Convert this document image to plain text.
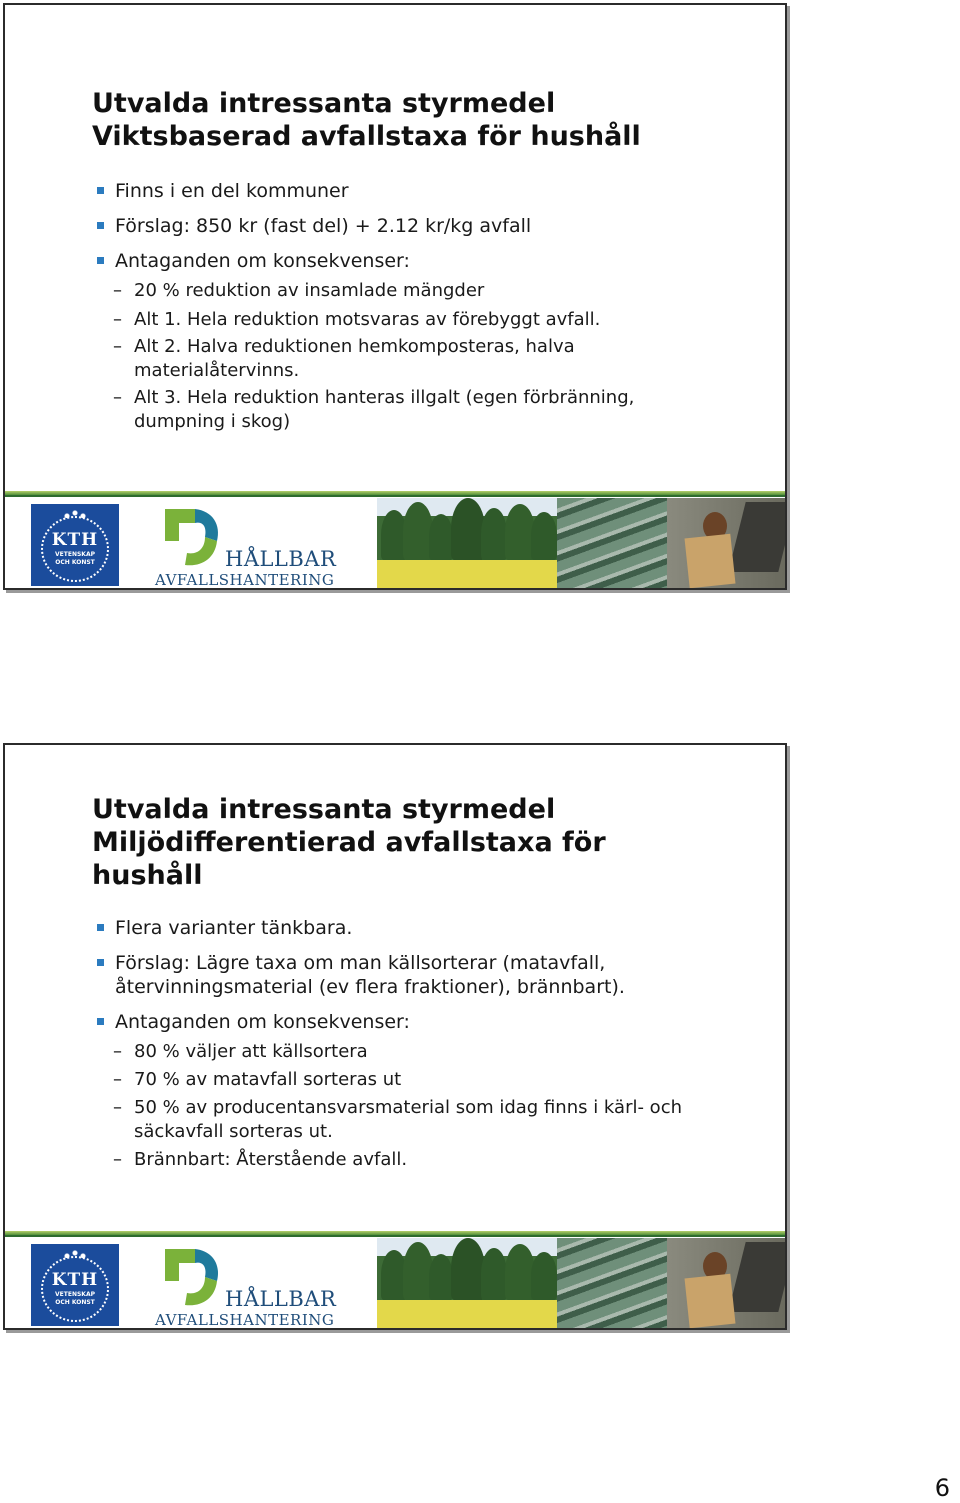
Utvalda intressanta styrmedel
Viktsbaserad avfallstaxa för hushåll
Finns i en del kommuner
Förslag: 850 kr (fast del) + 2.12 kr/kg avfall
Antaganden om konsekvenser:
– 20 % reduktion av insamlade mängder
– Alt 1. Hela reduktion motsvaras av förebyggt avfall.
– Alt 2. Halva reduktionen hemkomposteras, halva materialåtervinns.
– Alt 3. Hela reduktion hanteras illgalt (egen förbränning, dumpning i skog)
KTH
VETENSKAP
OCH KONST	HÅLLBAR
AVFALLSHANTERING
Utvalda intressanta styrmedel
Miljödifferentierad avfallstaxa för
hushåll
Flera varianter tänkbara.
Förslag: Lägre taxa om man källsorterar (matavfall, återvinningsmaterial (ev flera fraktioner), brännbart).
Antaganden om konsekvenser:
– 80 % väljer att källsortera
– 70 % av matavfall sorteras ut
– 50 % av producentansvarsmaterial som idag finns i kärl- och säckavfall sorteras ut.
– Brännbart: Återstående avfall.
KTH
VETENSKAP
OCH KONST	HÅLLBAR
AVFALLSHANTERING
6
